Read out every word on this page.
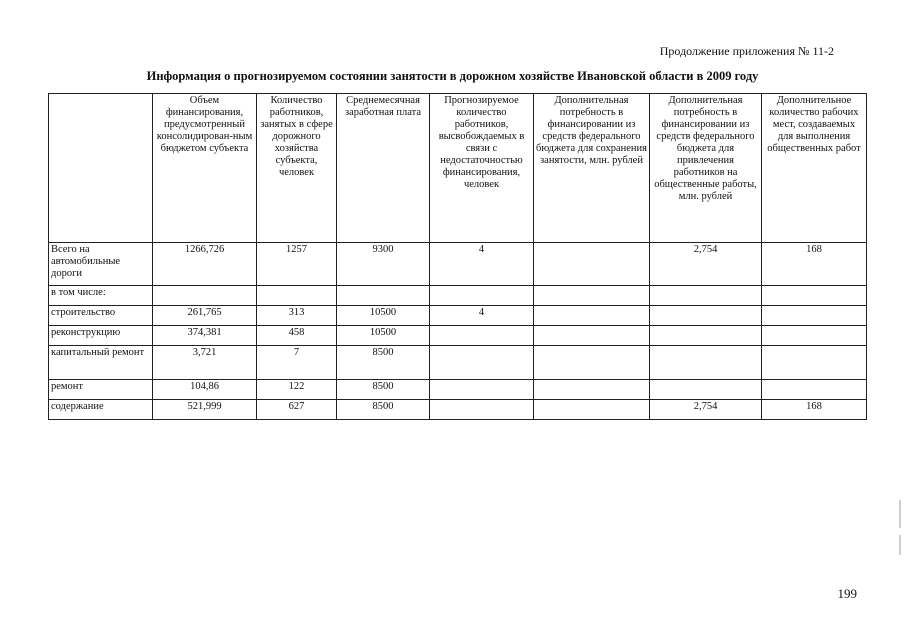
Продолжение приложения № 11-2
Информация о прогнозируемом состоянии занятости в дорожном хозяйстве Ивановской области в 2009 году
	Объем финансирования, предусмотренный консолидирован-ным бюджетом субъекта	Количество работников, занятых в сфере дорожного хозяйства субъекта, человек	Среднемесячная заработная плата	Прогнозируемое количество работников, высвобождаемых в связи с недостаточностью финансирования, человек	Дополнительная потребность в финансировании из средств федерального бюджета для сохранения занятости, млн. рублей	Дополнительная потребность в финансировании из средств федерального бюджета для привлечения работников на общественные работы, млн. рублей	Дополнительное количество рабочих мест, создаваемых для выполнения общественных работ
Всего на автомобильные дороги	1266,726	1257	9300	4		2,754	168
в том числе:							
строительство	261,765	313	10500	4			
реконструкцию	374,381	458	10500				
капитальный ремонт	3,721	7	8500				
ремонт	104,86	122	8500				
содержание	521,999	627	8500			2,754	168
199
